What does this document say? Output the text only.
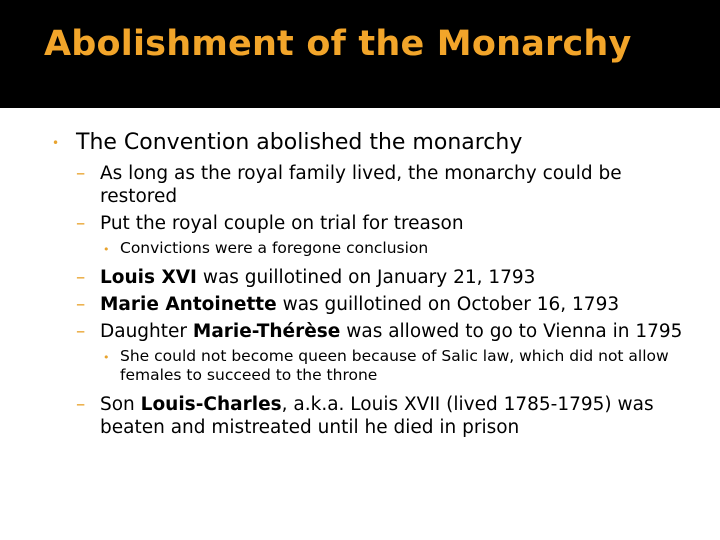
Abolishment of the Monarchy
• The Convention abolished the monarchy
– As long as the royal family lived, the monarchy could be restored
– Put the royal couple on trial for treason
• Convictions were a foregone conclusion
– Louis XVI was guillotined on January 21, 1793
– Marie Antoinette was guillotined on October 16, 1793
– Daughter Marie-Thérèse was allowed to go to Vienna in 1795
• She could not become queen because of Salic law, which did not allow females to succeed to the throne
– Son Louis-Charles, a.k.a. Louis XVII (lived 1785-1795) was beaten and mistreated until he died in prison
